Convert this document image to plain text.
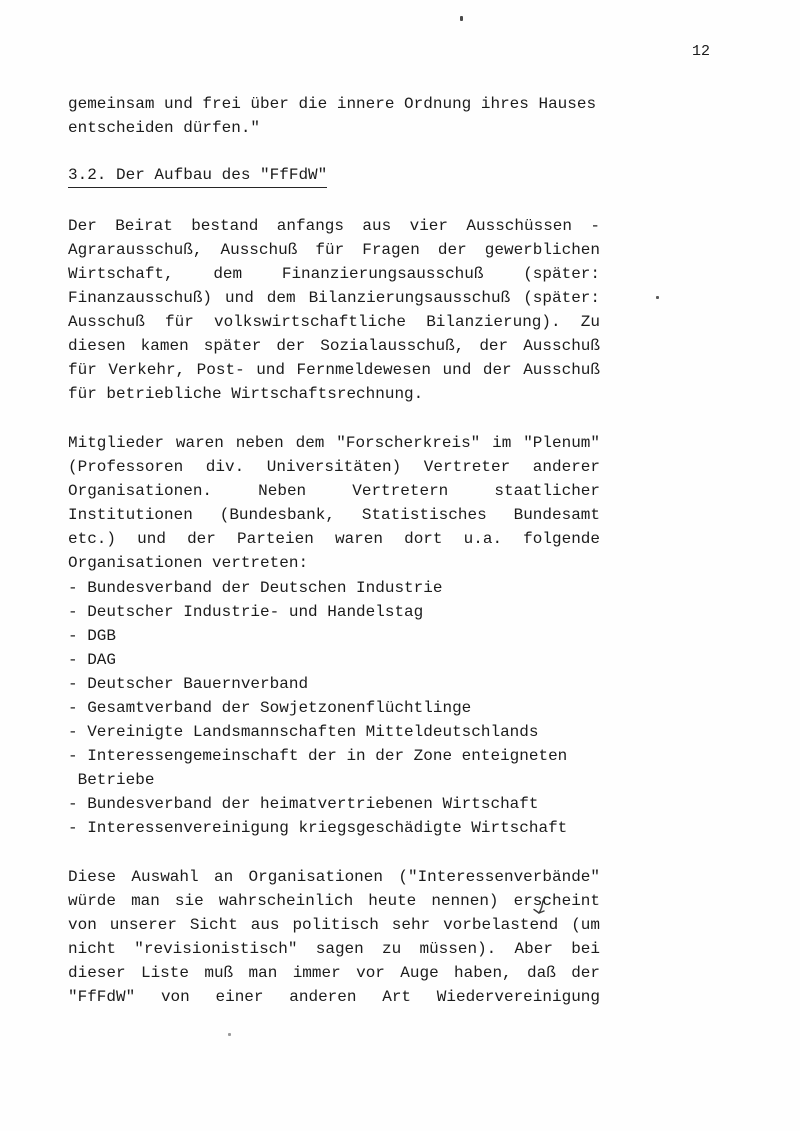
12
gemeinsam und frei über die innere Ordnung ihres Hauses
entscheiden dürfen."
3.2. Der Aufbau des "FfFdW"
Der Beirat bestand anfangs aus vier Ausschüssen -
Agrarausschuß, Ausschuß für Fragen der gewerblichen
Wirtschaft, dem Finanzierungsausschuß (später:
Finanzausschuß) und dem Bilanzierungsausschuß (später:
Ausschuß für volkswirtschaftliche Bilanzierung). Zu
diesen kamen später der Sozialausschuß, der Ausschuß
für Verkehr, Post- und Fernmeldewesen und der Ausschuß
für betriebliche Wirtschaftsrechnung.
Mitglieder waren neben dem "Forscherkreis" im "Plenum"
(Professoren div. Universitäten) Vertreter anderer
Organisationen. Neben Vertretern staatlicher
Institutionen (Bundesbank, Statistisches Bundesamt
etc.) und der Parteien waren dort u.a. folgende
Organisationen vertreten:
- Bundesverband der Deutschen Industrie
- Deutscher Industrie- und Handelstag
- DGB
- DAG
- Deutscher Bauernverband
- Gesamtverband der Sowjetzonenflüchtlinge
- Vereinigte Landsmannschaften Mitteldeutschlands
- Interessengemeinschaft der in der Zone enteigneten
Betriebe
- Bundesverband der heimatvertriebenen Wirtschaft
- Interessenvereinigung kriegsgeschädigte Wirtschaft
Diese Auswahl an Organisationen ("Interessenverbände"
würde man sie wahrscheinlich heute nennen) erscheint
von unserer Sicht aus politisch sehr vorbelastend (um
nicht "revisionistisch" sagen zu müssen). Aber bei
dieser Liste muß man immer vor Auge haben, daß der
"FfFdW" von einer anderen Art Wiedervereinigung
